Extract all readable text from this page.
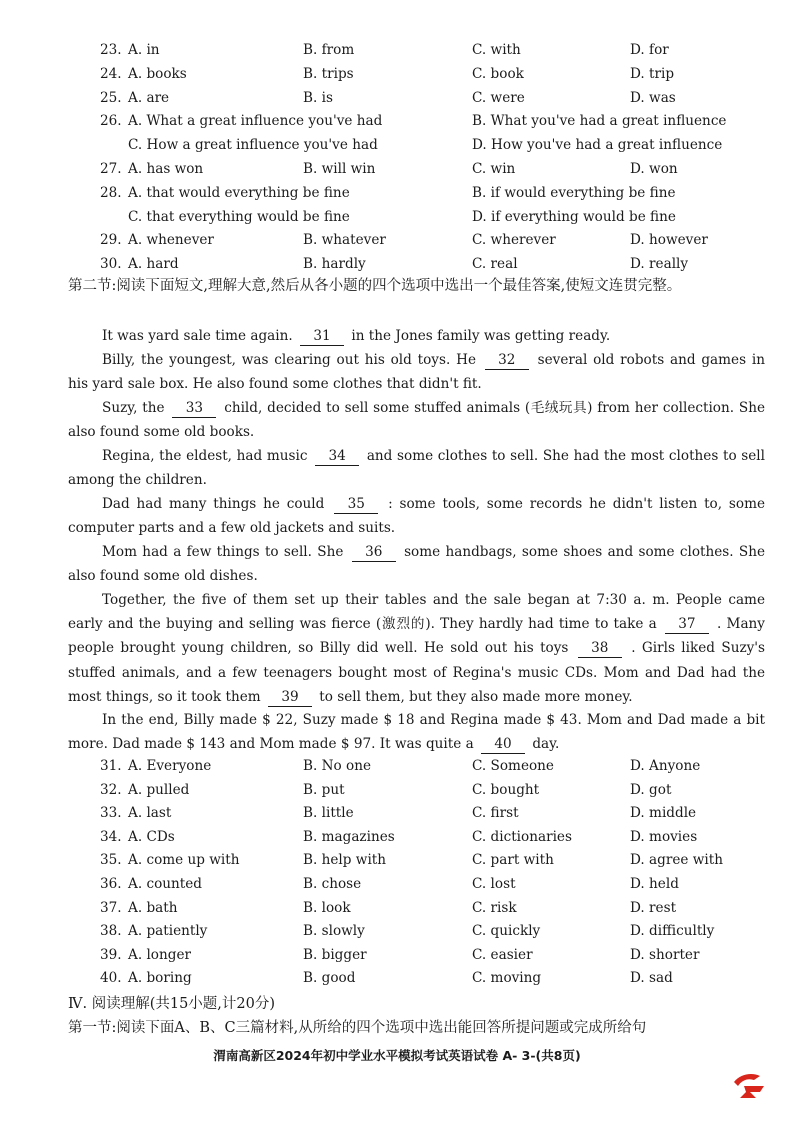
23. A. in	B. from	C. with	D. for
24. A. books	B. trips	C. book	D. trip
25. A. are	B. is	C. were	D. was
26. A. What a great influence you've had	B. What you've had a great influence
C. How a great influence you've had	D. How you've had a great influence
27. A. has won	B. will win	C. win	D. won
28. A. that would everything be fine	B. if would everything be fine
C. that everything would be fine	D. if everything would be fine
29. A. whenever	B. whatever	C. wherever	D. however
30. A. hard	B. hardly	C. real	D. really
第二节:阅读下面短文,理解大意,然后从各小题的四个选项中选出一个最佳答案,使短文连贯完整。
It was yard sale time again. 31 in the Jones family was getting ready.
Billy, the youngest, was clearing out his old toys. He 32 several old robots and games in his yard sale box. He also found some clothes that didn't fit.
Suzy, the 33 child, decided to sell some stuffed animals (毛绒玩具) from her collection. She also found some old books.
Regina, the eldest, had music 34 and some clothes to sell. She had the most clothes to sell among the children.
Dad had many things he could 35 : some tools, some records he didn't listen to, some computer parts and a few old jackets and suits.
Mom had a few things to sell. She 36 some handbags, some shoes and some clothes. She also found some old dishes.
Together, the five of them set up their tables and the sale began at 7:30 a. m. People came early and the buying and selling was fierce (激烈的). They hardly had time to take a 37 . Many people brought young children, so Billy did well. He sold out his toys 38 . Girls liked Suzy's stuffed animals, and a few teenagers bought most of Regina's music CDs. Mom and Dad had the most things, so it took them 39 to sell them, but they also made more money.
In the end, Billy made $ 22, Suzy made $ 18 and Regina made $ 43. Mom and Dad made a bit more. Dad made $ 143 and Mom made $ 97. It was quite a 40 day.
31. A. Everyone	B. No one	C. Someone	D. Anyone
32. A. pulled	B. put	C. bought	D. got
33. A. last	B. little	C. first	D. middle
34. A. CDs	B. magazines	C. dictionaries	D. movies
35. A. come up with	B. help with	C. part with	D. agree with
36. A. counted	B. chose	C. lost	D. held
37. A. bath	B. look	C. risk	D. rest
38. A. patiently	B. slowly	C. quickly	D. difficultly
39. A. longer	B. bigger	C. easier	D. shorter
40. A. boring	B. good	C. moving	D. sad
Ⅳ. 阅读理解(共15小题,计20分)
第一节:阅读下面A、B、C三篇材料,从所给的四个选项中选出能回答所提问题或完成所给句
渭南高新区2024年初中学业水平模拟考试英语试卷 A- 3-(共8页)
